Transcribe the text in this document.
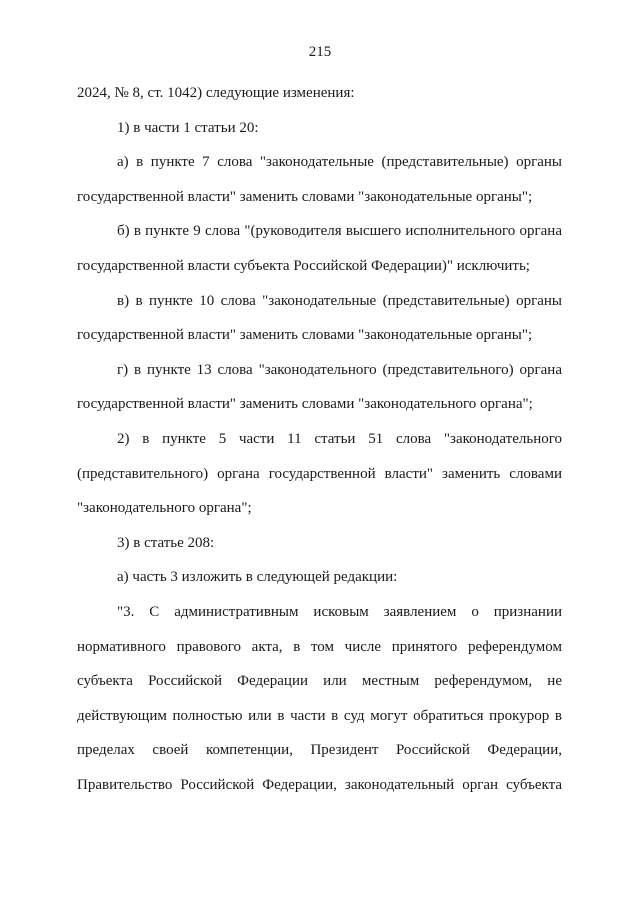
215

2024, № 8, ст. 1042) следующие изменения:

1) в части 1 статьи 20:

а) в пункте 7 слова "законодательные (представительные) органы государственной власти" заменить словами "законодательные органы";

б) в пункте 9 слова "(руководителя высшего исполнительного органа государственной власти субъекта Российской Федерации)" исключить;

в) в пункте 10 слова "законодательные (представительные) органы государственной власти" заменить словами "законодательные органы";

г) в пункте 13 слова "законодательного (представительного) органа государственной власти" заменить словами "законодательного органа";

2) в пункте 5 части 11 статьи 51 слова "законодательного (представительного) органа государственной власти" заменить словами "законодательного органа";

3) в статье 208:

а) часть 3 изложить в следующей редакции:

"3. С административным исковым заявлением о признании нормативного правового акта, в том числе принятого референдумом субъекта Российской Федерации или местным референдумом, не действующим полностью или в части в суд могут обратиться прокурор в пределах своей компетенции, Президент Российской Федерации, Правительство Российской Федерации, законодательный орган субъекта
